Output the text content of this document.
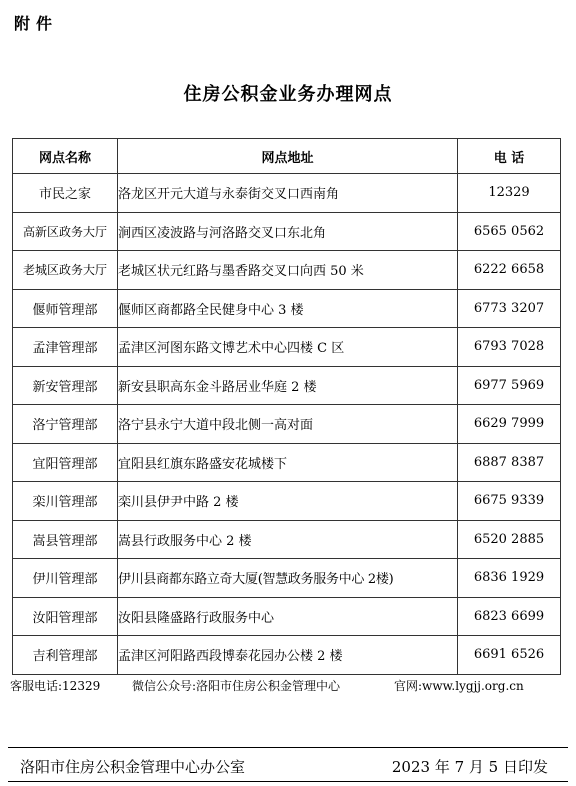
附件
住房公积金业务办理网点
网点名称	网点地址	电 话
市民之家	洛龙区开元大道与永泰街交叉口西南角	12329
高新区政务大厅	涧西区凌波路与河洛路交叉口东北角	6565 0562
老城区政务大厅	老城区状元红路与墨香路交叉口向西 50 米	6222 6658
偃师管理部	偃师区商都路全民健身中心 3 楼	6773 3207
孟津管理部	孟津区河图东路文博艺术中心四楼 C 区	6793 7028
新安管理部	新安县职高东金斗路居业华庭 2 楼	6977 5969
洛宁管理部	洛宁县永宁大道中段北侧一高对面	6629 7999
宜阳管理部	宜阳县红旗东路盛安花城楼下	6887 8387
栾川管理部	栾川县伊尹中路 2 楼	6675 9339
嵩县管理部	嵩县行政服务中心 2 楼	6520 2885
伊川管理部	伊川县商都东路立奇大厦(智慧政务服务中心 2楼)	6836 1929
汝阳管理部	汝阳县隆盛路行政服务中心	6823 6699
吉利管理部	孟津区河阳路西段博泰花园办公楼 2 楼	6691 6526
客服电话:12329	微信公众号:洛阳市住房公积金管理中心	官网:www.lygjj.org.cn
洛阳市住房公积金管理中心办公室	2023 年 7 月 5 日印发
